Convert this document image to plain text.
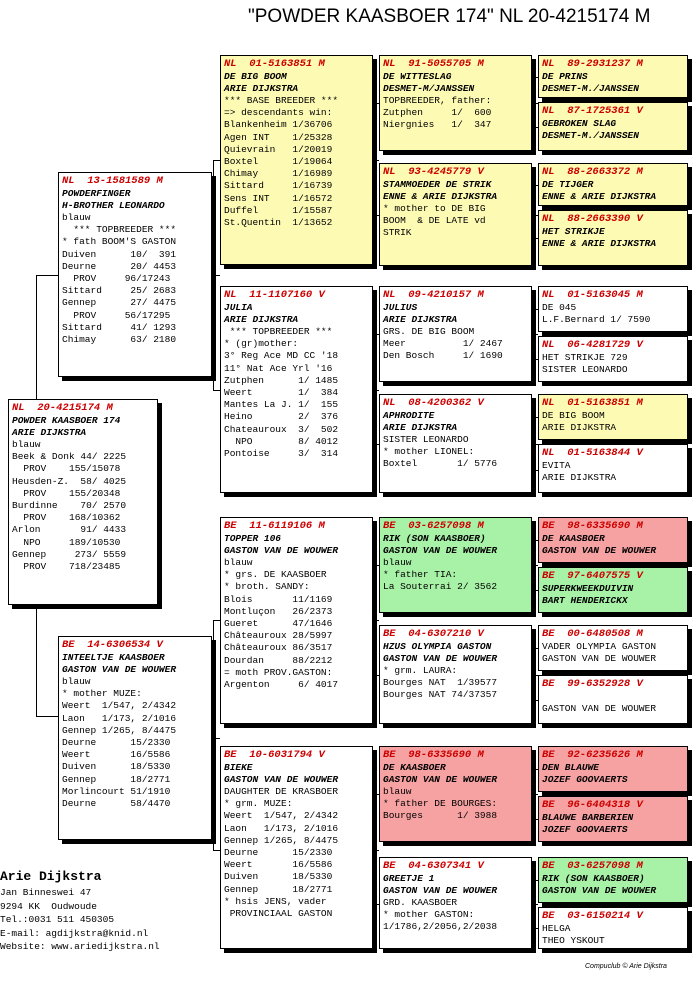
"POWDER KAASBOER 174" NL 20-4215174 M
NL  20-4215174 M
POWDER KAASBOER 174
ARIE DIJKSTRA
blauw
Beek & Donk 44/ 2225
PROV    155/15078
Heusden-Z.  58/ 4025
PROV    155/20348
Burdinne    70/ 2570
PROV    168/10362
Arlon       91/ 4433
NPO     189/10530
Gennep     273/ 5559
PROV    718/23485
NL  13-1581589 M
POWDERFINGER
H-BROTHER LEONARDO
blauw
*** TOPBREEDER ***
* fath BOOM'S GASTON
Duiven      10/  391
Deurne      20/ 4453
PROV     96/17243
Sittard     25/ 2683
Gennep      27/ 4475
PROV     56/17295
Sittard     41/ 1293
Chimay      63/ 2180
BE  14-6306534 V
INTEELTJE KAASBOER
GASTON VAN DE WOUWER
blauw
* mother MUZE:
Weert  1/547, 2/4342
Laon   1/173, 2/1016
Gennep 1/265, 8/4475
Deurne      15/2330
Weert       16/5586
Duiven      18/5330
Gennep      18/2771
Morlincourt 51/1910
Deurne      58/4470
NL  01-5163851 M
DE BIG BOOM
ARIE DIJKSTRA
*** BASE BREEDER ***
=> descendants win:
Blankenheim 1/36706
Agen INT    1/25328
Quievrain   1/20019
Boxtel      1/19064
Chimay      1/16989
Sittard     1/16739
Sens INT    1/16572
Duffel      1/15587
St.Quentin  1/13652
NL  11-1107160 V
JULIA
ARIE DIJKSTRA
*** TOPBREEDER ***
* (gr)mother:
3° Reg Ace MD CC '18
11° Nat Ace Yrl '16
Zutphen      1/ 1485
Weert        1/  384
Mantes La J. 1/  155
Heino        2/  376
Chateauroux  3/  502
NPO        8/ 4012
Pontoise     3/  314
BE  11-6119106 M
TOPPER 106
GASTON VAN DE WOUWER
blauw
* grs. DE KAASBOER
* broth. SANDY:
Blois       11/1169
Montluçon   26/2373
Gueret      47/1646
Châteauroux 28/5997
Châteauroux 86/3517
Dourdan     88/2212
= moth PROV.GASTON:
Argenton     6/ 4017
BE  10-6031794 V
BIEKE
GASTON VAN DE WOUWER
DAUGHTER DE KRASBOER
* grm. MUZE:
Weert  1/547, 2/4342
Laon   1/173, 2/1016
Gennep 1/265, 8/4475
Deurne      15/2330
Weert       16/5586
Duiven      18/5330
Gennep      18/2771
* hsis JENS, vader
PROVINCIAAL GASTON
NL  91-5055705 M
DE WITTESLAG
DESMET-M/JANSSEN
TOPBREEDER, father:
Zutphen     1/  600
Niergnies   1/  347
NL  93-4245779 V
STAMMOEDER DE STRIK
ENNE & ARIE DIJKSTRA
* mother to DE BIG
BOOM  & DE LATE vd
STRIK
NL  09-4210157 M
JULIUS
ARIE DIJKSTRA
GRS. DE BIG BOOM
Meer          1/ 2467
Den Bosch     1/ 1690
NL  08-4200362 V
APHRODITE
ARIE DIJKSTRA
SISTER LEONARDO
* mother LIONEL:
Boxtel       1/ 5776
BE  03-6257098 M
RIK (SON KAASBOER)
GASTON VAN DE WOUWER
blauw
* father TIA:
La Souterrai 2/ 3562
BE  04-6307210 V
HZUS OLYMPIA GASTON
GASTON VAN DE WOUWER
* grm. LAURA:
Bourges NAT  1/39577
Bourges NAT 74/37357
BE  98-6335690 M
DE KAASBOER
GASTON VAN DE WOUWER
blauw
* father DE BOURGES:
Bourges      1/ 3988
BE  04-6307341 V
GREETJE 1
GASTON VAN DE WOUWER
GRD. KAASBOER
* mother GASTON:
1/1786,2/2056,2/2038
NL  89-2931237 M
DE PRINS
DESMET-M./JANSSEN
NL  87-1725361 V
GEBROKEN SLAG
DESMET-M./JANSSEN
NL  88-2663372 M
DE TIJGER
ENNE & ARIE DIJKSTRA
NL  88-2663390 V
HET STRIKJE
ENNE & ARIE DIJKSTRA
NL  01-5163045 M
DE 045
L.F.Bernard 1/ 7590
NL  06-4281729 V
HET STRIKJE 729
SISTER LEONARDO
NL  01-5163851 M
DE BIG BOOM
ARIE DIJKSTRA
NL  01-5163844 V
EVITA
ARIE DIJKSTRA
BE  98-6335690 M
DE KAASBOER
GASTON VAN DE WOUWER
BE  97-6407575 V
SUPERKWEEKDUIVIN
BART HENDERICKX
BE  00-6480508 M
VADER OLYMPIA GASTON
GASTON VAN DE WOUWER
BE  99-6352928 V
GASTON VAN DE WOUWER
BE  92-6235626 M
DEN BLAUWE
JOZEF GOOVAERTS
BE  96-6404318 V
BLAUWE BARBERIEN
JOZEF GOOVAERTS
BE  03-6257098 M
RIK (SON KAASBOER)
GASTON VAN DE WOUWER
BE  03-6150214 V
HELGA
THEO YSKOUT
Arie Dijkstra
Jan Binneswei 47
9294 KK  Oudwoude
Tel.:0031 511 450305
E-mail: agdijkstra@knid.nl
Website: www.ariedijkstra.nl
Compuclub © Arie Dijkstra
